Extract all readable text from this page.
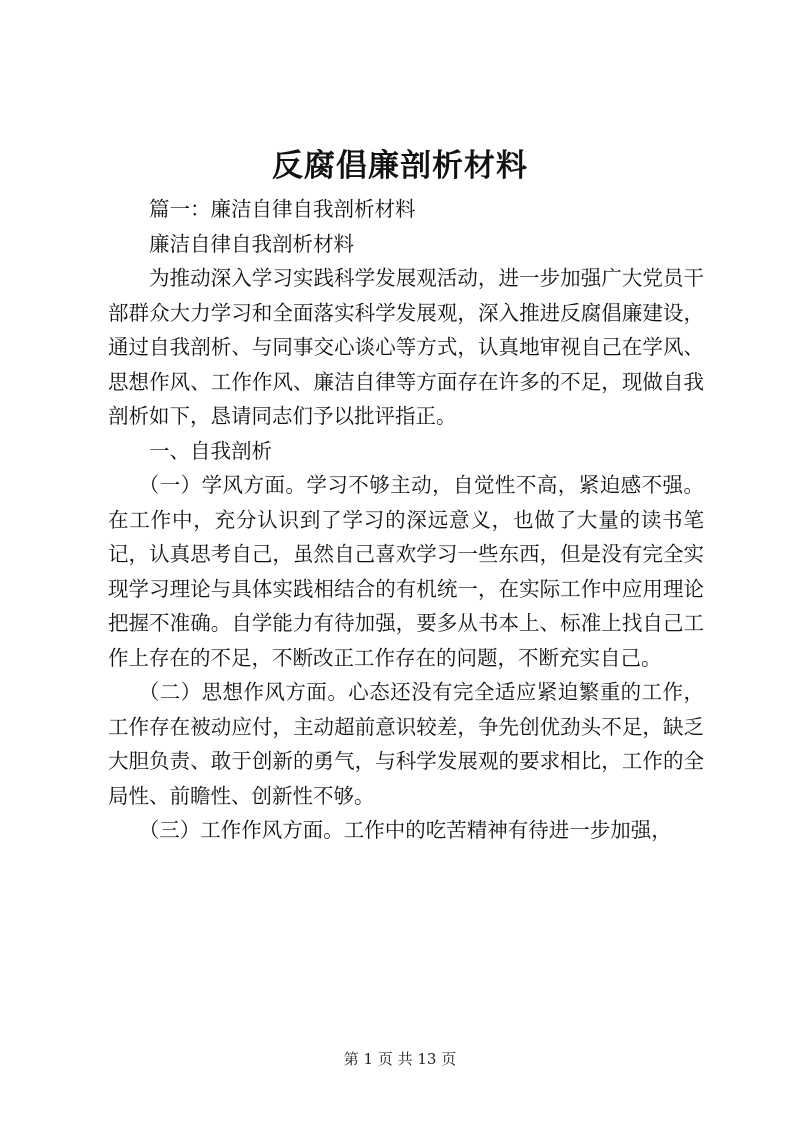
反腐倡廉剖析材料

篇一：廉洁自律自我剖析材料

廉洁自律自我剖析材料

为推动深入学习实践科学发展观活动，进一步加强广大党员干部群众大力学习和全面落实科学发展观，深入推进反腐倡廉建设，通过自我剖析、与同事交心谈心等方式，认真地审视自己在学风、思想作风、工作作风、廉洁自律等方面存在许多的不足，现做自我剖析如下，恳请同志们予以批评指正。

一、自我剖析

（一）学风方面。学习不够主动，自觉性不高，紧迫感不强。在工作中，充分认识到了学习的深远意义，也做了大量的读书笔记，认真思考自己，虽然自己喜欢学习一些东西，但是没有完全实现学习理论与具体实践相结合的有机统一，在实际工作中应用理论把握不准确。自学能力有待加强，要多从书本上、标准上找自己工作上存在的不足，不断改正工作存在的问题，不断充实自己。

（二）思想作风方面。心态还没有完全适应紧迫繁重的工作，工作存在被动应付，主动超前意识较差，争先创优劲头不足，缺乏大胆负责、敢于创新的勇气，与科学发展观的要求相比，工作的全局性、前瞻性、创新性不够。

（三）工作作风方面。工作中的吃苦精神有待进一步加强，

第 1 页 共 13 页
